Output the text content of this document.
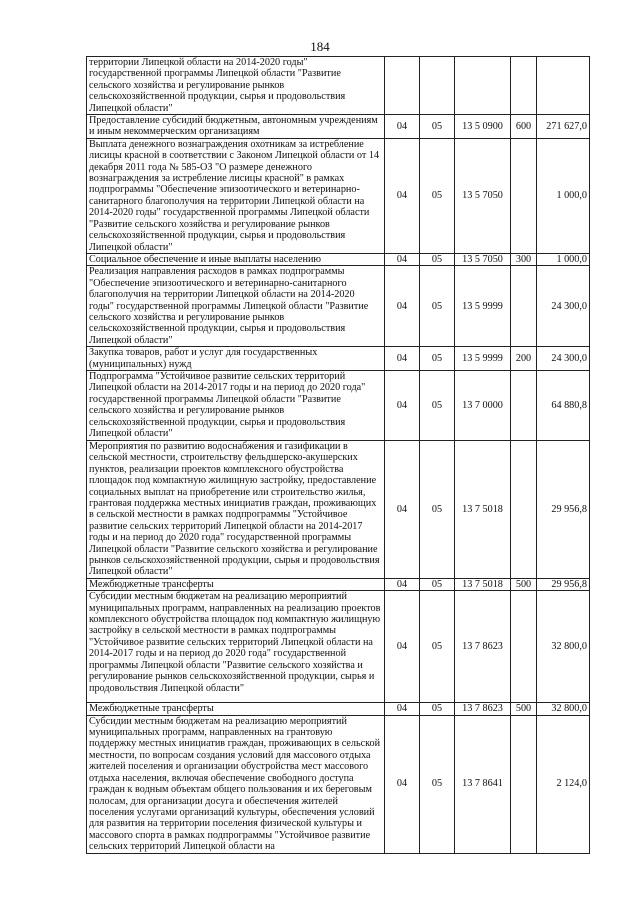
184
территории Липецкой области на 2014-2020 годы" государственной программы Липецкой области "Развитие сельского хозяйства и регулирование рынков сельскохозяйственной продукции, сырья и продовольствия Липецкой области"					
Предоставление субсидий бюджетным, автономным учреждениям и иным некоммерческим организациям	04	05	13 5 0900	600	271 627,0
Выплата денежного вознаграждения охотникам за истребление лисицы красной в соответствии с Законом Липецкой области от 14 декабря 2011 года № 585-ОЗ "О размере денежного вознаграждения за истребление лисицы красной" в рамках подпрограммы "Обеспечение эпизоотического и ветеринарно-санитарного благополучия на территории Липецкой области на 2014-2020 годы" государственной программы Липецкой области "Развитие сельского хозяйства и регулирование рынков сельскохозяйственной продукции, сырья и продовольствия Липецкой области"	04	05	13 5 7050		1 000,0
Социальное обеспечение и иные выплаты населению	04	05	13 5 7050	300	1 000,0
Реализация направления расходов в рамках подпрограммы "Обеспечение эпизоотического и ветеринарно-санитарного благополучия на территории Липецкой области на 2014-2020 годы" государственной программы Липецкой области "Развитие сельского хозяйства и регулирование рынков сельскохозяйственной продукции, сырья и продовольствия Липецкой области"	04	05	13 5 9999		24 300,0
Закупка товаров, работ и услуг для государственных (муниципальных) нужд	04	05	13 5 9999	200	24 300,0
Подпрограмма "Устойчивое развитие сельских территорий Липецкой области на 2014-2017 годы и на период до 2020 года" государственной программы Липецкой области "Развитие сельского хозяйства и регулирование рынков сельскохозяйственной продукции, сырья и продовольствия Липецкой области"	04	05	13 7 0000		64 880,8
Мероприятия по развитию водоснабжения и газификации в сельской местности, строительству фельдшерско-акушерских пунктов, реализации проектов комплексного обустройства площадок под компактную жилищную застройку, предоставление социальных выплат на приобретение или строительство жилья, грантовая поддержка местных инициатив граждан, проживающих в сельской местности в рамках подпрограммы "Устойчивое развитие сельских территорий Липецкой области на 2014-2017 годы и на период до 2020 года" государственной программы Липецкой области "Развитие сельского хозяйства и регулирование рынков сельскохозяйственной продукции, сырья и продовольствия Липецкой области"	04	05	13 7 5018		29 956,8
Межбюджетные трансферты	04	05	13 7 5018	500	29 956,8
Субсидии местным бюджетам на реализацию мероприятий муниципальных программ, направленных на реализацию проектов комплексного обустройства площадок под компактную жилищную застройку в сельской местности в рамках подпрограммы "Устойчивое развитие сельских территорий Липецкой области на 2014-2017 годы и на период до 2020 года" государственной программы Липецкой области "Развитие сельского хозяйства и регулирование рынков сельскохозяйственной продукции, сырья и продовольствия Липецкой области"	04	05	13 7 8623		32 800,0
Межбюджетные трансферты	04	05	13 7 8623	500	32 800,0
Субсидии местным бюджетам на реализацию мероприятий муниципальных программ, направленных на грантовую поддержку местных инициатив граждан, проживающих в сельской местности, по вопросам создания условий для массового отдыха жителей поселения и организации обустройства мест массового отдыха населения, включая обеспечение свободного доступа граждан к водным объектам общего пользования и их береговым полосам, для организации досуга и обеспечения жителей поселения услугами организаций культуры, обеспечения условий для развития на территории поселения физической культуры и массового спорта в рамках подпрограммы "Устойчивое развитие сельских территорий Липецкой области на	04	05	13 7 8641		2 124,0
